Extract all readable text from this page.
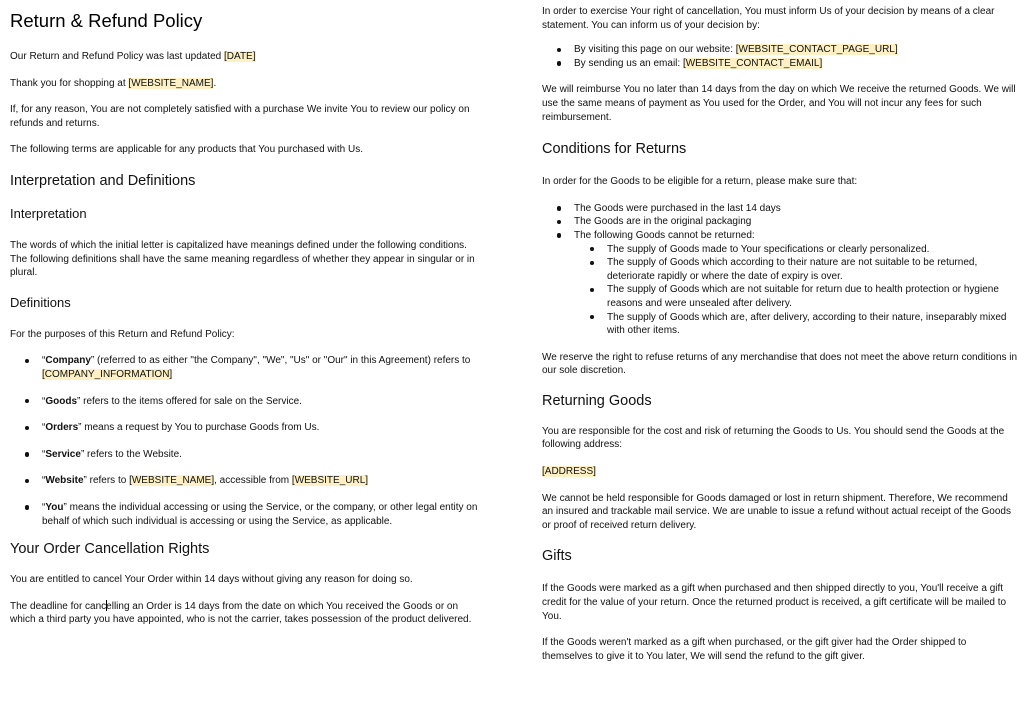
Return & Refund Policy

Our Return and Refund Policy was last updated [DATE]

Thank you for shopping at [WEBSITE_NAME].

If, for any reason, You are not completely satisfied with a purchase We invite You to review our policy on
refunds and returns.

The following terms are applicable for any products that You purchased with Us.

Interpretation and Definitions
Interpretation

The words of which the initial letter is capitalized have meanings defined under the following conditions.
The following definitions shall have the same meaning regardless of whether they appear in singular or in
plural.

Definitions

For the purposes of this Return and Refund Policy:

“Company” (referred to as either "the Company", "We", "Us" or "Our" in this Agreement) refers to
[COMPANY_INFORMATION]
“Goods” refers to the items offered for sale on the Service.
“Orders” means a request by You to purchase Goods from Us.
“Service” refers to the Website.
“Website” refers to [WEBSITE_NAME], accessible from [WEBSITE_URL]
“You” means the individual accessing or using the Service, or the company, or other legal entity on
behalf of which such individual is accessing or using the Service, as applicable.
Your Order Cancellation Rights

You are entitled to cancel Your Order within 14 days without giving any reason for doing so.

The deadline for cancelling an Order is 14 days from the date on which You received the Goods or on
which a third party you have appointed, who is not the carrier, takes possession of the product delivered.

In order to exercise Your right of cancellation, You must inform Us of your decision by means of a clear
statement. You can inform us of your decision by:

By visiting this page on our website: [WEBSITE_CONTACT_PAGE_URL]
By sending us an email: [WEBSITE_CONTACT_EMAIL]

We will reimburse You no later than 14 days from the day on which We receive the returned Goods. We will
use the same means of payment as You used for the Order, and You will not incur any fees for such
reimbursement.

Conditions for Returns

In order for the Goods to be eligible for a return, please make sure that:

The Goods were purchased in the last 14 days
The Goods are in the original packaging
The following Goods cannot be returned:
The supply of Goods made to Your specifications or clearly personalized.
The supply of Goods which according to their nature are not suitable to be returned,
deteriorate rapidly or where the date of expiry is over.
The supply of Goods which are not suitable for return due to health protection or hygiene
reasons and were unsealed after delivery.
The supply of Goods which are, after delivery, according to their nature, inseparably mixed
with other items.

We reserve the right to refuse returns of any merchandise that does not meet the above return conditions in
our sole discretion.

Returning Goods

You are responsible for the cost and risk of returning the Goods to Us. You should send the Goods at the
following address:

[ADDRESS]

We cannot be held responsible for Goods damaged or lost in return shipment. Therefore, We recommend
an insured and trackable mail service. We are unable to issue a refund without actual receipt of the Goods
or proof of received return delivery.

Gifts

If the Goods were marked as a gift when purchased and then shipped directly to you, You'll receive a gift
credit for the value of your return. Once the returned product is received, a gift certificate will be mailed to
You.

If the Goods weren't marked as a gift when purchased, or the gift giver had the Order shipped to
themselves to give it to You later, We will send the refund to the gift giver.
